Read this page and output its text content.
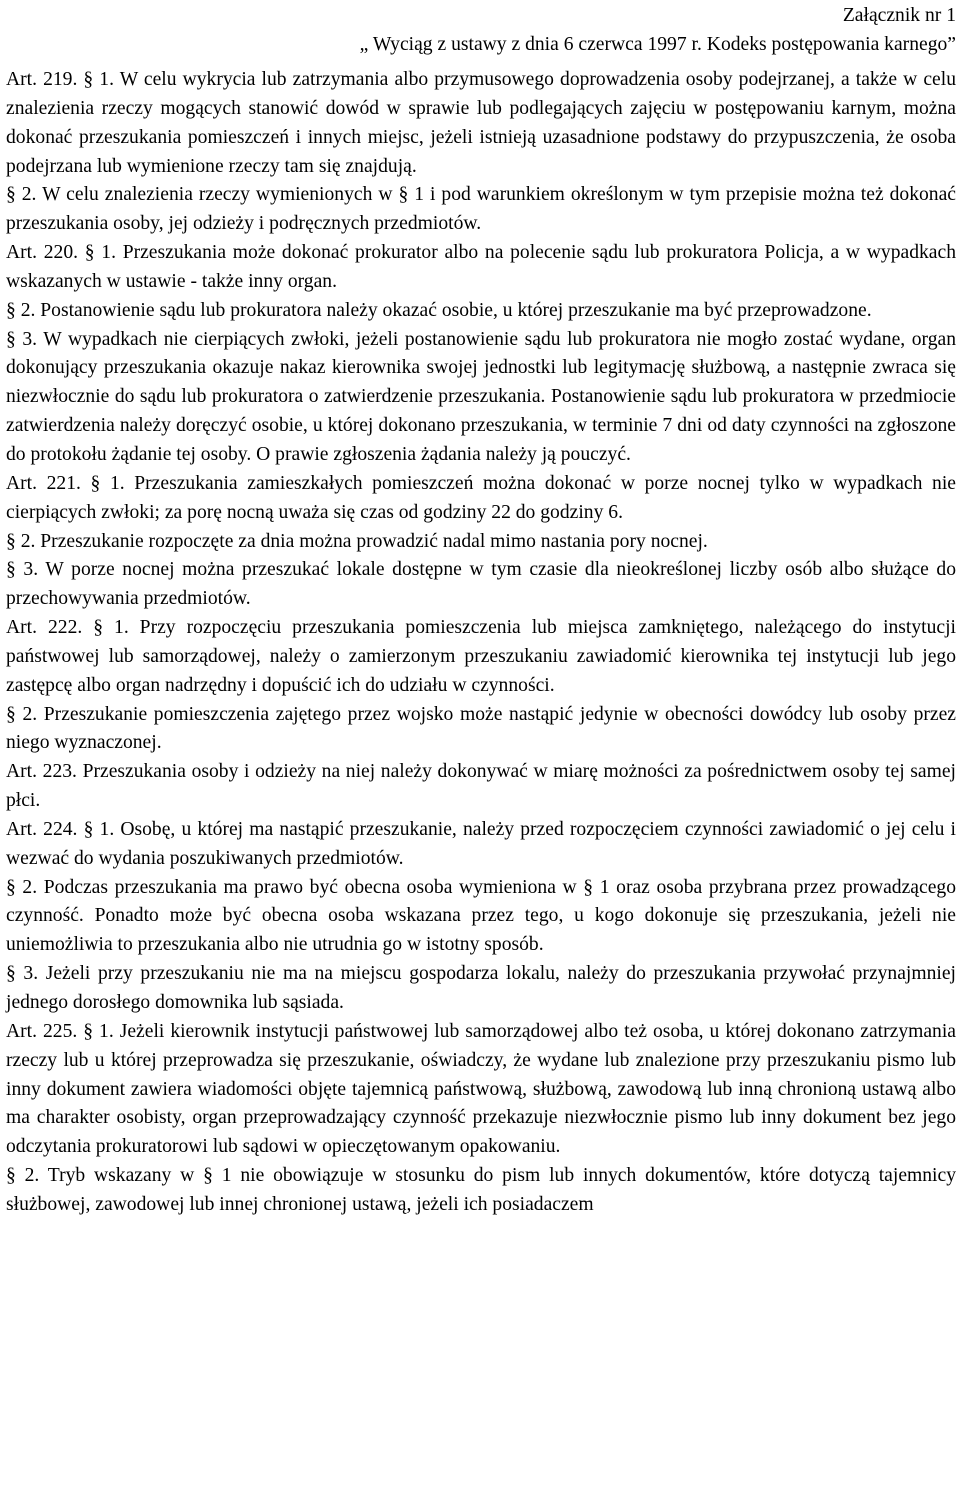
Załącznik nr 1
„ Wyciąg z ustawy z dnia 6 czerwca 1997 r. Kodeks postępowania karnego”

Art. 219. § 1. W celu wykrycia lub zatrzymania albo przymusowego doprowadzenia osoby podejrzanej, a także w celu znalezienia rzeczy mogących stanowić dowód w sprawie lub podlegających zajęciu w postępowaniu karnym, można dokonać przeszukania pomieszczeń i innych miejsc, jeżeli istnieją uzasadnione podstawy do przypuszczenia, że osoba podejrzana lub wymienione rzeczy tam się znajdują.

§ 2. W celu znalezienia rzeczy wymienionych w § 1 i pod warunkiem określonym w tym przepisie można też dokonać przeszukania osoby, jej odzieży i podręcznych przedmiotów.

Art. 220. § 1. Przeszukania może dokonać prokurator albo na polecenie sądu lub prokuratora Policja, a w wypadkach wskazanych w ustawie - także inny organ.

§ 2. Postanowienie sądu lub prokuratora należy okazać osobie, u której przeszukanie ma być przeprowadzone.

§ 3. W wypadkach nie cierpiących zwłoki, jeżeli postanowienie sądu lub prokuratora nie mogło zostać wydane, organ dokonujący przeszukania okazuje nakaz kierownika swojej jednostki lub legitymację służbową, a następnie zwraca się niezwłocznie do sądu lub prokuratora o zatwierdzenie przeszukania. Postanowienie sądu lub prokuratora w przedmiocie zatwierdzenia należy doręczyć osobie, u której dokonano przeszukania, w terminie 7 dni od daty czynności na zgłoszone do protokołu żądanie tej osoby. O prawie zgłoszenia żądania należy ją pouczyć.

Art. 221. § 1. Przeszukania zamieszkałych pomieszczeń można dokonać w porze nocnej tylko w wypadkach nie cierpiących zwłoki; za porę nocną uważa się czas od godziny 22 do godziny 6.

§ 2. Przeszukanie rozpoczęte za dnia można prowadzić nadal mimo nastania pory nocnej.

§ 3. W porze nocnej można przeszukać lokale dostępne w tym czasie dla nieokreślonej liczby osób albo służące do przechowywania przedmiotów.

Art. 222. § 1. Przy rozpoczęciu przeszukania pomieszczenia lub miejsca zamkniętego, należącego do instytucji państwowej lub samorządowej, należy o zamierzonym przeszukaniu zawiadomić kierownika tej instytucji lub jego zastępcę albo organ nadrzędny i dopuścić ich do udziału w czynności.

§ 2. Przeszukanie pomieszczenia zajętego przez wojsko może nastąpić jedynie w obecności dowódcy lub osoby przez niego wyznaczonej.

Art. 223. Przeszukania osoby i odzieży na niej należy dokonywać w miarę możności za pośrednictwem osoby tej samej płci.

Art. 224. § 1. Osobę, u której ma nastąpić przeszukanie, należy przed rozpoczęciem czynności zawiadomić o jej celu i wezwać do wydania poszukiwanych przedmiotów.

§ 2. Podczas przeszukania ma prawo być obecna osoba wymieniona w § 1 oraz osoba przybrana przez prowadzącego czynność. Ponadto może być obecna osoba wskazana przez tego, u kogo dokonuje się przeszukania, jeżeli nie uniemożliwia to przeszukania albo nie utrudnia go w istotny sposób.

§ 3. Jeżeli przy przeszukaniu nie ma na miejscu gospodarza lokalu, należy do przeszukania przywołać przynajmniej jednego dorosłego domownika lub sąsiada.

Art. 225. § 1. Jeżeli kierownik instytucji państwowej lub samorządowej albo też osoba, u której dokonano zatrzymania rzeczy lub u której przeprowadza się przeszukanie, oświadczy, że wydane lub znalezione przy przeszukaniu pismo lub inny dokument zawiera wiadomości objęte tajemnicą państwową, służbową, zawodową lub inną chronioną ustawą albo ma charakter osobisty, organ przeprowadzający czynność przekazuje niezwłocznie pismo lub inny dokument bez jego odczytania prokuratorowi lub sądowi w opieczętowanym opakowaniu.

§ 2. Tryb wskazany w § 1 nie obowiązuje w stosunku do pism lub innych dokumentów, które dotyczą tajemnicy służbowej, zawodowej lub innej chronionej ustawą, jeżeli ich posiadaczem
